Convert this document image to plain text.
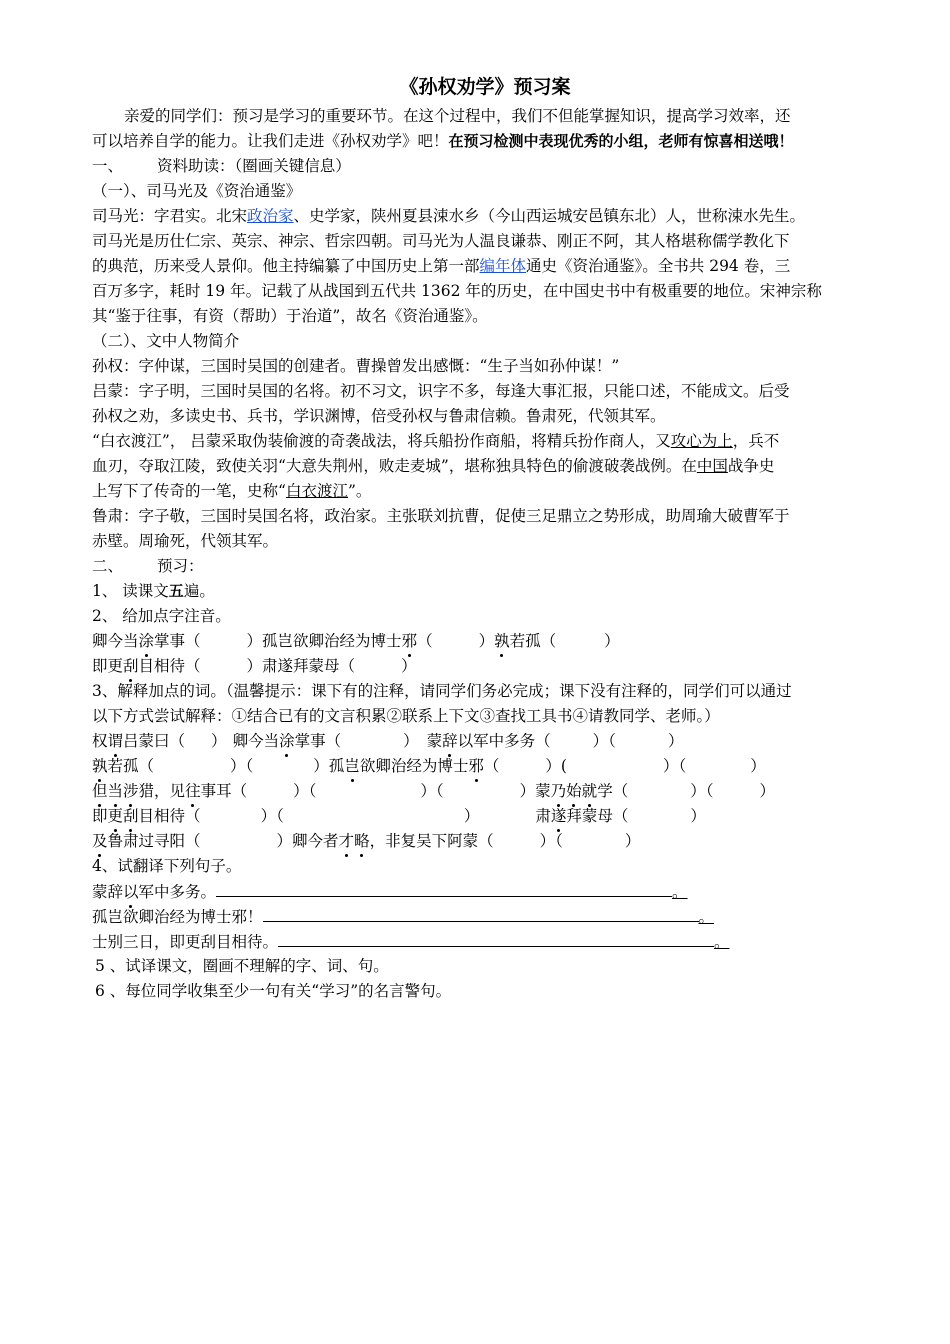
《孙权劝学》预习案
亲爱的同学们：预习是学习的重要环节。在这个过程中，我们不但能掌握知识，提高学习效率，还
可以培养自学的能力。让我们走进《孙权劝学》吧！在预习检测中表现优秀的小组，老师有惊喜相送哦！
一、 资料助读：（圈画关键信息）
（一）、司马光及《资治通鉴》
司马光：字君实。北宋政治家、史学家，陕州夏县涑水乡（今山西运城安邑镇东北）人，世称涑水先生。
司马光是历仕仁宗、英宗、神宗、哲宗四朝。司马光为人温良谦恭、刚正不阿，其人格堪称儒学教化下
的典范，历来受人景仰。他主持编纂了中国历史上第一部编年体通史《资治通鉴》。全书共 294 卷，三
百万多字，耗时 19 年。记载了从战国到五代共 1362 年的历史，在中国史书中有极重要的地位。宋神宗称
其“鉴于往事，有资（帮助）于治道”，故名《资治通鉴》。
（二）、文中人物简介
孙权：字仲谋，三国时吴国的创建者。曹操曾发出感慨：“生子当如孙仲谋！”
吕蒙：字子明，三国时吴国的名将。初不习文，识字不多，每逢大事汇报，只能口述，不能成文。后受
孙权之劝，多读史书、兵书，学识渊博，倍受孙权与鲁肃信赖。鲁肃死，代领其军。
“白衣渡江”， 吕蒙采取伪装偷渡的奇袭战法，将兵船扮作商船，将精兵扮作商人，又攻心为上，兵不
血刃，夺取江陵，致使关羽“大意失荆州，败走麦城”，堪称独具特色的偷渡破袭战例。在中国战争史
上写下了传奇的一笔，史称“白衣渡江”。
鲁肃：字子敬，三国时吴国名将，政治家。主张联刘抗曹，促使三足鼎立之势形成，助周瑜大破曹军于
赤壁。周瑜死，代领其军。
二、 预习：
1、 读课文五遍。
2、 给加点字注音。
卿今当涂掌事（	）孤岂欲卿治经为博士邪（	）孰若孤（	）
即更刮目相待（	）肃遂拜蒙母（	）
3、解释加点的词。（温馨提示：课下有的注释，请同学们务必完成；课下没有注释的，同学们可以通过
以下方式尝试解释：①结合已有的文言积累②联系上下文③查找工具书④请教同学、老师。）
权谓吕蒙曰（ ） 卿今当涂掌事（	） 蒙辞以军中多务（	）（	）
孰若孤（	）（	）孤岂欲卿治经为博士邪（	）(	）（	）
但当涉猎，见往事耳（	）（	）（	）蒙乃始就学（	）（	）
即更刮目相待（	）（	）	肃遂拜蒙母（	）
及鲁肃过寻阳（	）卿今者才略，非复吴下阿蒙（	）（	）
4、试翻译下列句子。
蒙辞以军中多务。	。
孤岂欲卿治经为博士邪！	。
士别三日，即更刮目相待。	。
5 、试译课文，圈画不理解的字、词、句。
6 、每位同学收集至少一句有关“学习”的名言警句。
